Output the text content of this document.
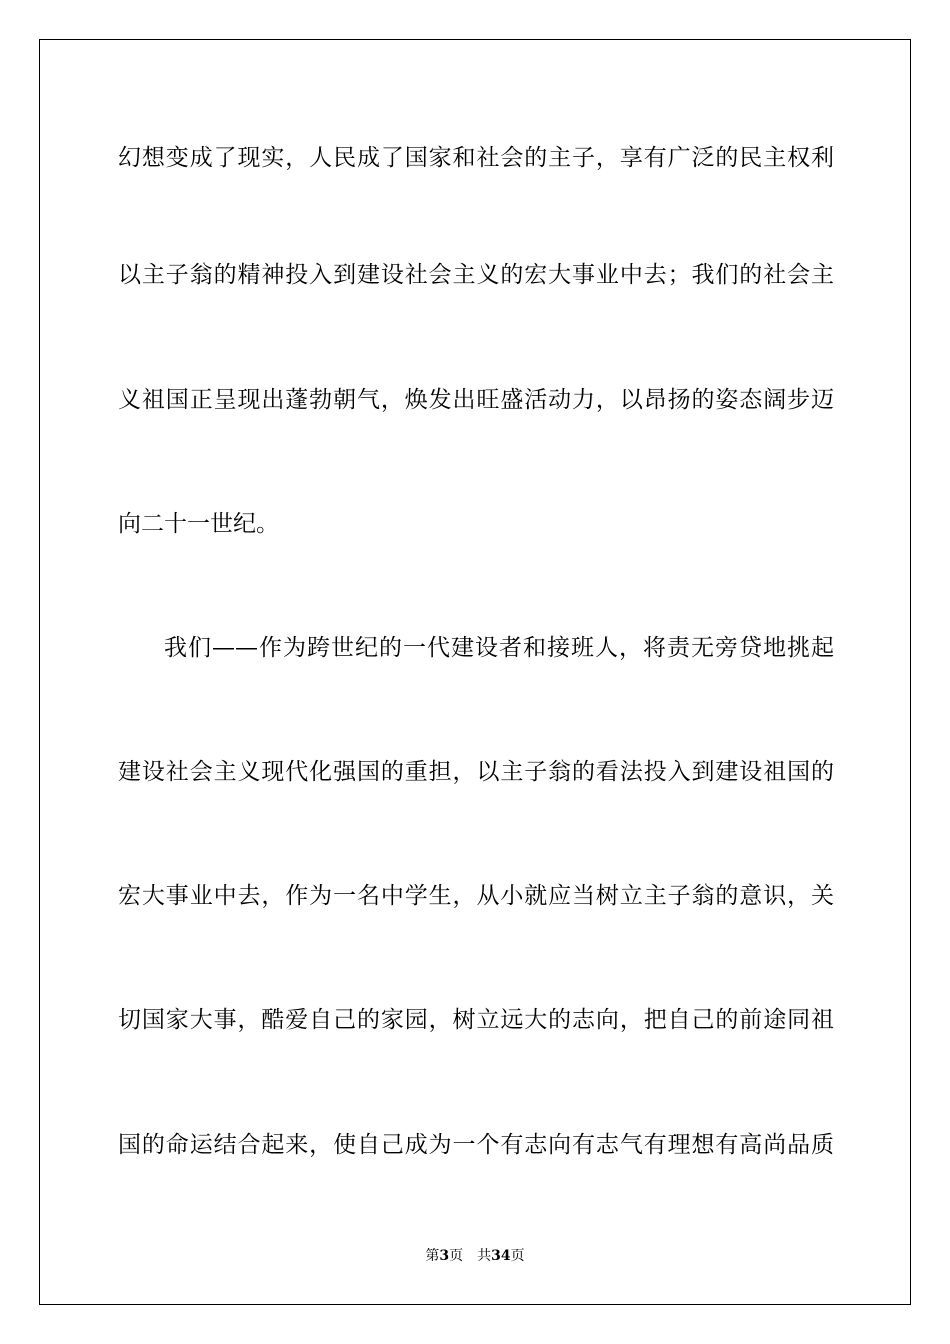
幻想变成了现实，人民成了国家和社会的主子，享有广泛的民主权利
以主子翁的精神投入到建设社会主义的宏大事业中去；我们的社会主
义祖国正呈现出蓬勃朝气，焕发出旺盛活动力，以昂扬的姿态阔步迈
向二十一世纪。
我们——作为跨世纪的一代建设者和接班人，将责无旁贷地挑起
建设社会主义现代化强国的重担，以主子翁的看法投入到建设祖国的
宏大事业中去，作为一名中学生，从小就应当树立主子翁的意识，关
切国家大事，酷爱自己的家园，树立远大的志向，把自己的前途同祖
国的命运结合起来，使自己成为一个有志向有志气有理想有高尚品质
第3页 共34页
